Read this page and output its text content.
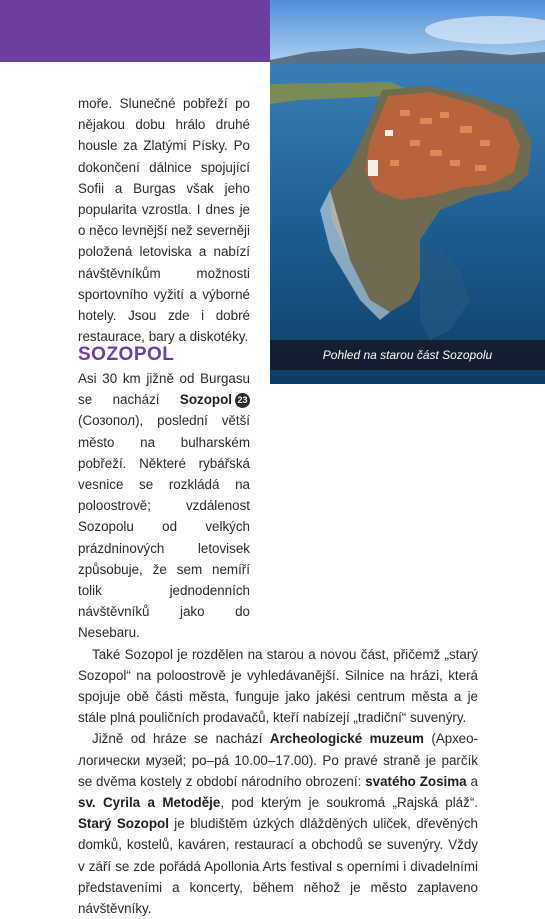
Pohled na starou část Sozopolu

moře. Slunečné pobřeží po nějakou dobu hrálo druhé housle za Zlatými Písky. Po dokončení dálnice spojující Sofii a Burgas však jeho popularita vzrostla. I dnes je o něco levnější než severněji položená letoviska a nabízí návštěvníkům možnosti sportovního vyžití a výborné hotely. Jsou zde i dobré restaurace, bary a diskotéky.

SOZOPOL

Asi 30 km jižně od Burgasu se nachází Sozopol 23 (Созопол), poslední větší město na bulharském pobřeží. Některé rybářská vesnice se rozkládá na poloostrově; vzdálenost Sozopolu od velkých prázdninových letovisek způsobuje, že sem nemíří tolik jednodenních návštěvníků jako do Nesebaru.

Také Sozopol je rozdělen na starou a novou část, přičemž „starý Sozopol“ na poloostrově je vyhledávanější. Silnice na hrázi, která spojuje obě části města, funguje jako jakési centrum města a je stále plná pouličních prodavačů, kteří nabízejí „tradiční“ suvenýry.

Jižně od hráze se nachází Archeologické muzeum (Археологически музей; po–pá 10.00–17.00). Po pravé straně je parčík se dvěma kostely z období národního obrození: svatého Zosima a sv. Cyrila a Metoděje, pod kterým je soukromá „Rajská pláž“. Starý Sozopol je bludištěm úzkých dlážděných uliček, dřevěných domků, kostelů, kaváren, restaurací a obchodů se suvenýry. Vždy v září se zde pořádá Apollonia Arts festival s operními i divadelními představeními a koncerty, během něhož je město zaplaveno návštěvníky.
